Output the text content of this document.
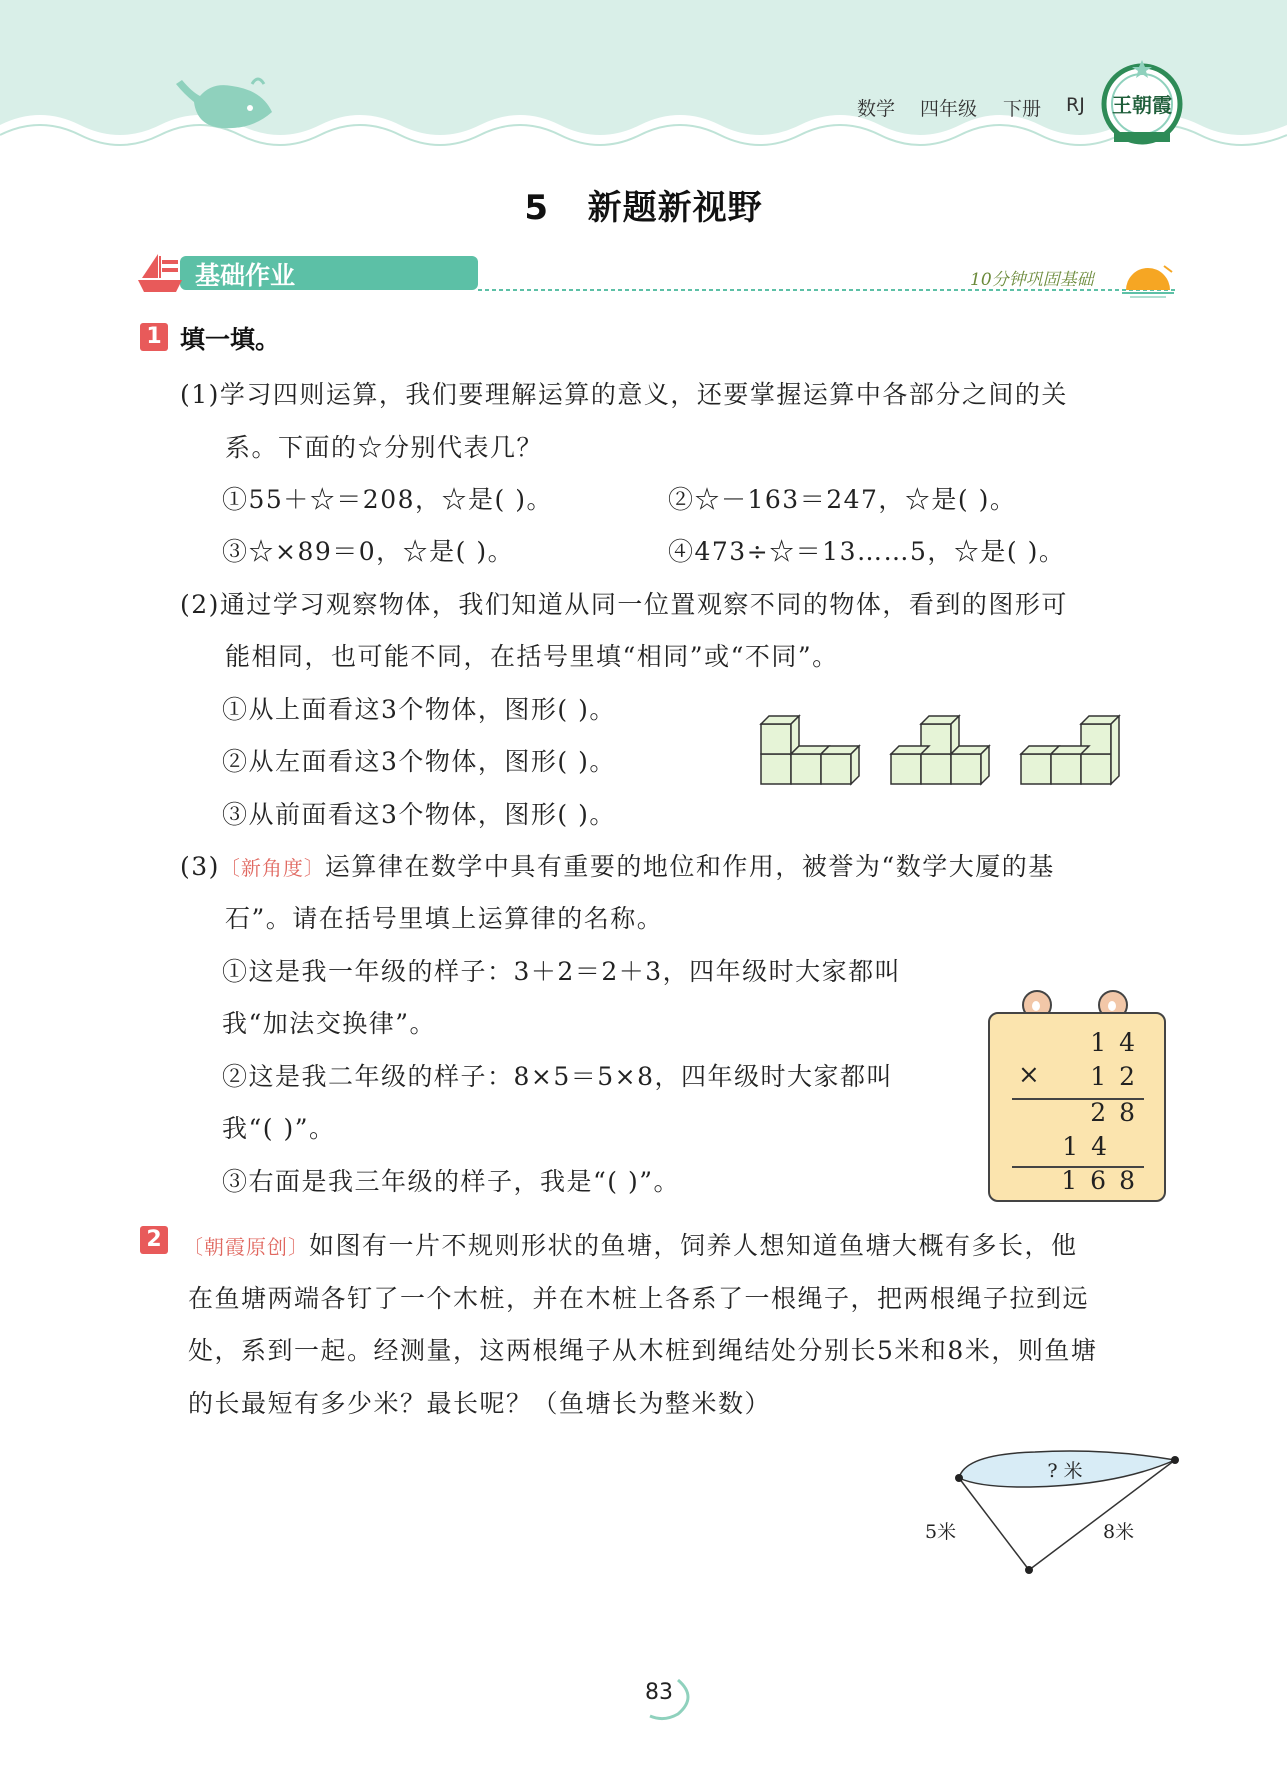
数学 四年级 下册 RJ 王朝霞
5   新题新视野
基础作业	10分钟巩固基础
1 填一填。
(1)学习四则运算，我们要理解运算的意义，还要掌握运算中各部分之间的关
系。下面的☆分别代表几？
①55＋☆＝208，☆是( )。	②☆－163＝247，☆是( )。
③☆×89＝0，☆是( )。	④473÷☆＝13……5，☆是( )。
(2)通过学习观察物体，我们知道从同一位置观察不同的物体，看到的图形可
能相同，也可能不同，在括号里填“相同”或“不同”。
①从上面看这3个物体，图形( )。
②从左面看这3个物体，图形( )。
③从前面看这3个物体，图形( )。
(3)〔新角度〕运算律在数学中具有重要的地位和作用，被誉为“数学大厦的基
石”。请在括号里填上运算律的名称。
①这是我一年级的样子：3＋2＝2＋3，四年级时大家都叫
我“加法交换律”。
②这是我二年级的样子：8×5＝5×8，四年级时大家都叫
我“( )”。
③右面是我三年级的样子，我是“( )”。
14
× 12
28
14
168
2	〔朝霞原创〕如图有一片不规则形状的鱼塘，饲养人想知道鱼塘大概有多长，他
在鱼塘两端各钉了一个木桩，并在木桩上各系了一根绳子，把两根绳子拉到远
处，系到一起。经测量，这两根绳子从木桩到绳结处分别长5米和8米，则鱼塘
的长最短有多少米？最长呢？（鱼塘长为整米数）
? 米
5米	8米
83
